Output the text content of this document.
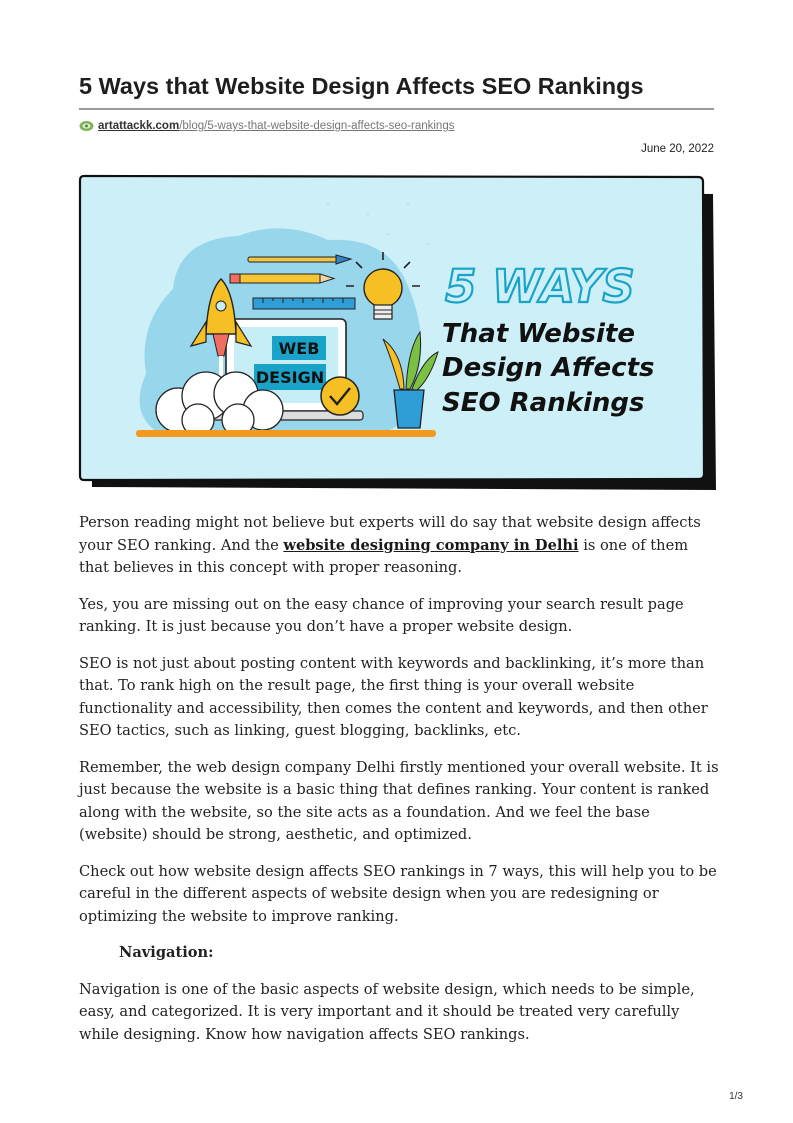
5 Ways that Website Design Affects SEO Rankings
artattackk.com /blog/5-ways-that-website-design-affects-seo-rankings
June 20, 2022
WEB
DESIGN
5 WAYS
That Website
Design Affects
SEO Rankings

Person reading might not believe but experts will do say that website design affects your SEO ranking. And the website designing company in Delhi is one of them that believes in this concept with proper reasoning.

Yes, you are missing out on the easy chance of improving your search result page ranking. It is just because you don’t have a proper website design.

SEO is not just about posting content with keywords and backlinking, it’s more than that. To rank high on the result page, the first thing is your overall website functionality and accessibility, then comes the content and keywords, and then other SEO tactics, such as linking, guest blogging, backlinks, etc.

Remember, the web design company Delhi firstly mentioned your overall website. It is just because the website is a basic thing that defines ranking. Your content is ranked along with the website, so the site acts as a foundation. And we feel the base (website) should be strong, aesthetic, and optimized.

Check out how website design affects SEO rankings in 7 ways, this will help you to be careful in the different aspects of website design when you are redesigning or optimizing the website to improve ranking.

Navigation:

Navigation is one of the basic aspects of website design, which needs to be simple, easy, and categorized. It is very important and it should be treated very carefully while designing. Know how navigation affects SEO rankings.

1/3
